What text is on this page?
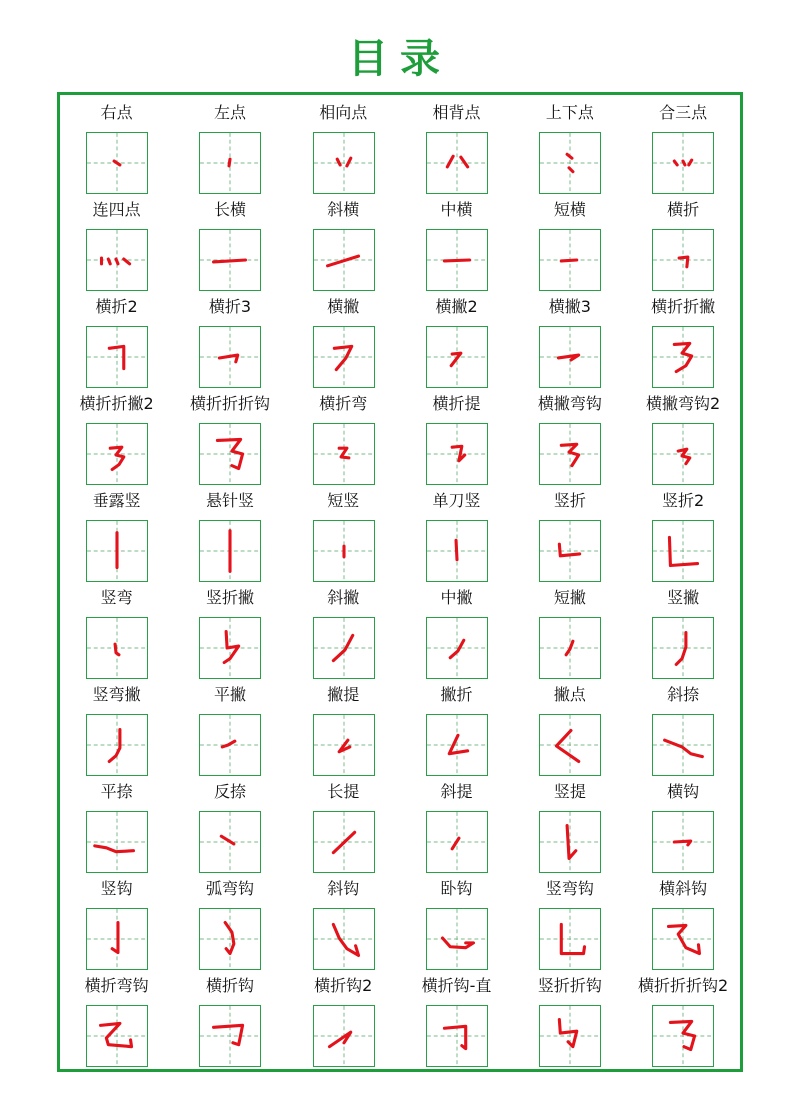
目录
右点	左点	相向点	相背点	上下点	合三点
连四点	长横	斜横	中横	短横	横折
横折2	横折3	横撇	横撇2	横撇3	横折折撇
横折折撇2	横折折折钩	横折弯	横折提	横撇弯钩	横撇弯钩2
垂露竖	悬针竖	短竖	单刀竖	竖折	竖折2
竖弯	竖折撇	斜撇	中撇	短撇	竖撇
竖弯撇	平撇	撇提	撇折	撇点	斜捺
平捺	反捺	长提	斜提	竖提	横钩
竖钩	弧弯钩	斜钩	卧钩	竖弯钩	横斜钩
横折弯钩	横折钩	横折钩2	横折钩-直	竖折折钩	横折折折钩2
